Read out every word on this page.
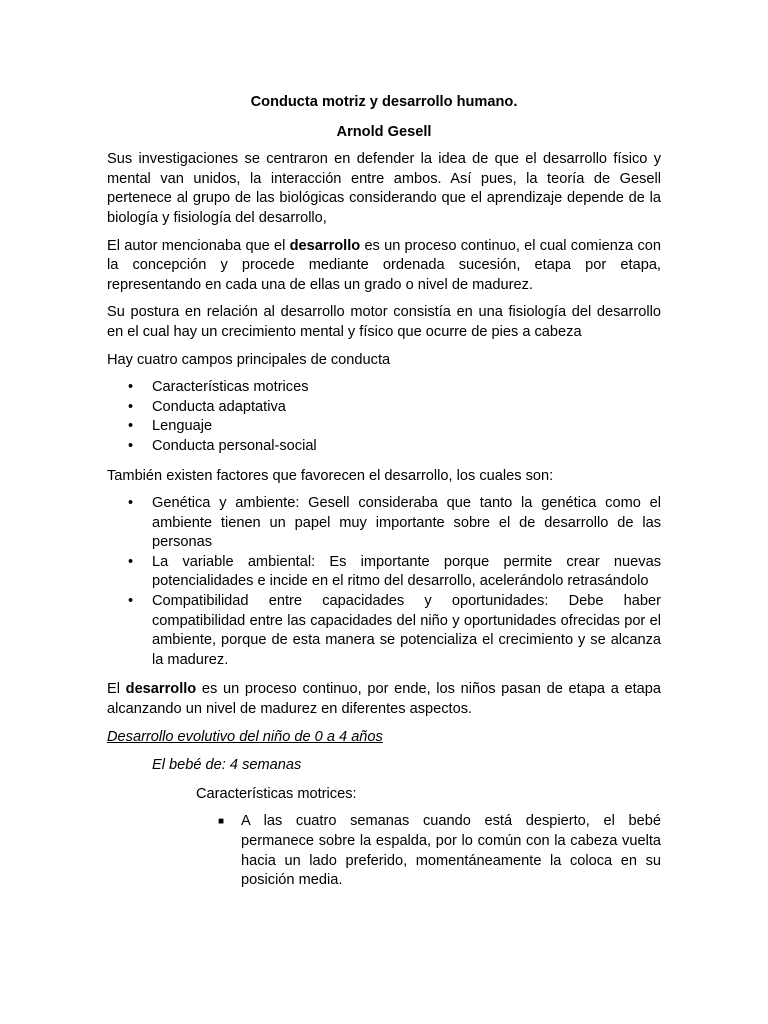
Conducta motriz y desarrollo humano.
Arnold Gesell

Sus investigaciones se centraron en defender la idea de que el desarrollo físico y mental van unidos, la interacción entre ambos. Así pues, la teoría de Gesell pertenece al grupo de las biológicas considerando que el aprendizaje depende de la biología y fisiología del desarrollo,

El autor mencionaba que el desarrollo es un proceso continuo, el cual comienza con la concepción y procede mediante ordenada sucesión, etapa por etapa, representando en cada una de ellas un grado o nivel de madurez.

Su postura en relación al desarrollo motor consistía en una fisiología del desarrollo en el cual hay un crecimiento mental y físico que ocurre de pies a cabeza

Hay cuatro campos principales de conducta

• Características motrices
• Conducta adaptativa
• Lenguaje
• Conducta personal-social

También existen factores que favorecen el desarrollo, los cuales son:

• Genética y ambiente: Gesell consideraba que tanto la genética como el ambiente tienen un papel muy importante sobre el de desarrollo de las personas
• La variable ambiental: Es importante porque permite crear nuevas potencialidades e incide en el ritmo del desarrollo, acelerándolo retrasándolo
• Compatibilidad entre capacidades y oportunidades: Debe haber compatibilidad entre las capacidades del niño y oportunidades ofrecidas por el ambiente, porque de esta manera se potencializa el crecimiento y se alcanza la madurez.

El desarrollo es un proceso continuo, por ende, los niños pasan de etapa a etapa alcanzando un nivel de madurez en diferentes aspectos.

Desarrollo evolutivo del niño de 0 a 4 años
El bebé de: 4 semanas
Características motrices:
■ A las cuatro semanas cuando está despierto, el bebé permanece sobre la espalda, por lo común con la cabeza vuelta hacia un lado preferido, momentáneamente la coloca en su posición media.
